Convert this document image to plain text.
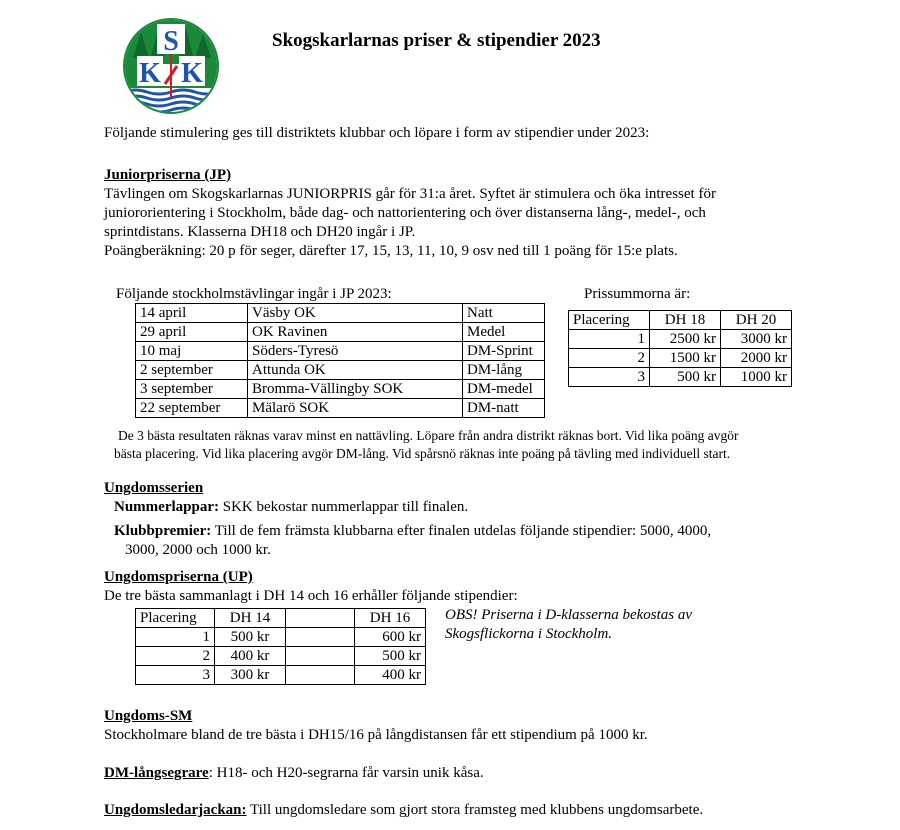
S
K K
Skogskarlarnas priser & stipendier 2023
Följande stimulering ges till distriktets klubbar och löpare i form av stipendier under 2023:
Juniorpriserna (JP)
Tävlingen om Skogskarlarnas JUNIORPRIS går för 31:a året. Syftet är stimulera och öka intresset för
juniororientering i Stockholm, både dag- och nattorientering och över distanserna lång-, medel-, och
sprintdistans. Klasserna DH18 och DH20 ingår i JP.
Poängberäkning: 20 p för seger, därefter 17, 15, 13, 11, 10, 9 osv ned till 1 poäng för 15:e plats.
Följande stockholmstävlingar ingår i JP 2023:
14 april	Väsby OK	Natt
29 april	OK Ravinen	Medel
10 maj	Söders-Tyresö	DM-Sprint
2 september	Attunda OK	DM-lång
3 september	Bromma-Vällingby SOK	DM-medel
22 september	Mälarö SOK	DM-natt
Prissummorna är:
Placering	DH 18	DH 20
1	2500 kr	3000 kr
2	1500 kr	2000 kr
3	500 kr	1000 kr
De 3 bästa resultaten räknas varav minst en nattävling. Löpare från andra distrikt räknas bort. Vid lika poäng avgör
bästa placering. Vid lika placering avgör DM-lång. Vid spårsnö räknas inte poäng på tävling med individuell start.
Ungdomsserien
Nummerlappar: SKK bekostar nummerlappar till finalen.
Klubbpremier: Till de fem främsta klubbarna efter finalen utdelas följande stipendier: 5000, 4000,
3000, 2000 och 1000 kr.
Ungdomspriserna (UP)
De tre bästa sammanlagt i DH 14 och 16 erhåller följande stipendier:
Placering	DH 14		DH 16
1	500 kr		600 kr
2	400 kr		500 kr
3	300 kr		400 kr
OBS! Priserna i D-klasserna bekostas av
Skogsflickorna i Stockholm.
Ungdoms-SM
Stockholmare bland de tre bästa i DH15/16 på långdistansen får ett stipendium på 1000 kr.
DM-långsegrare: H18- och H20-segrarna får varsin unik kåsa.
Ungdomsledarjackan: Till ungdomsledare som gjort stora framsteg med klubbens ungdomsarbete.
